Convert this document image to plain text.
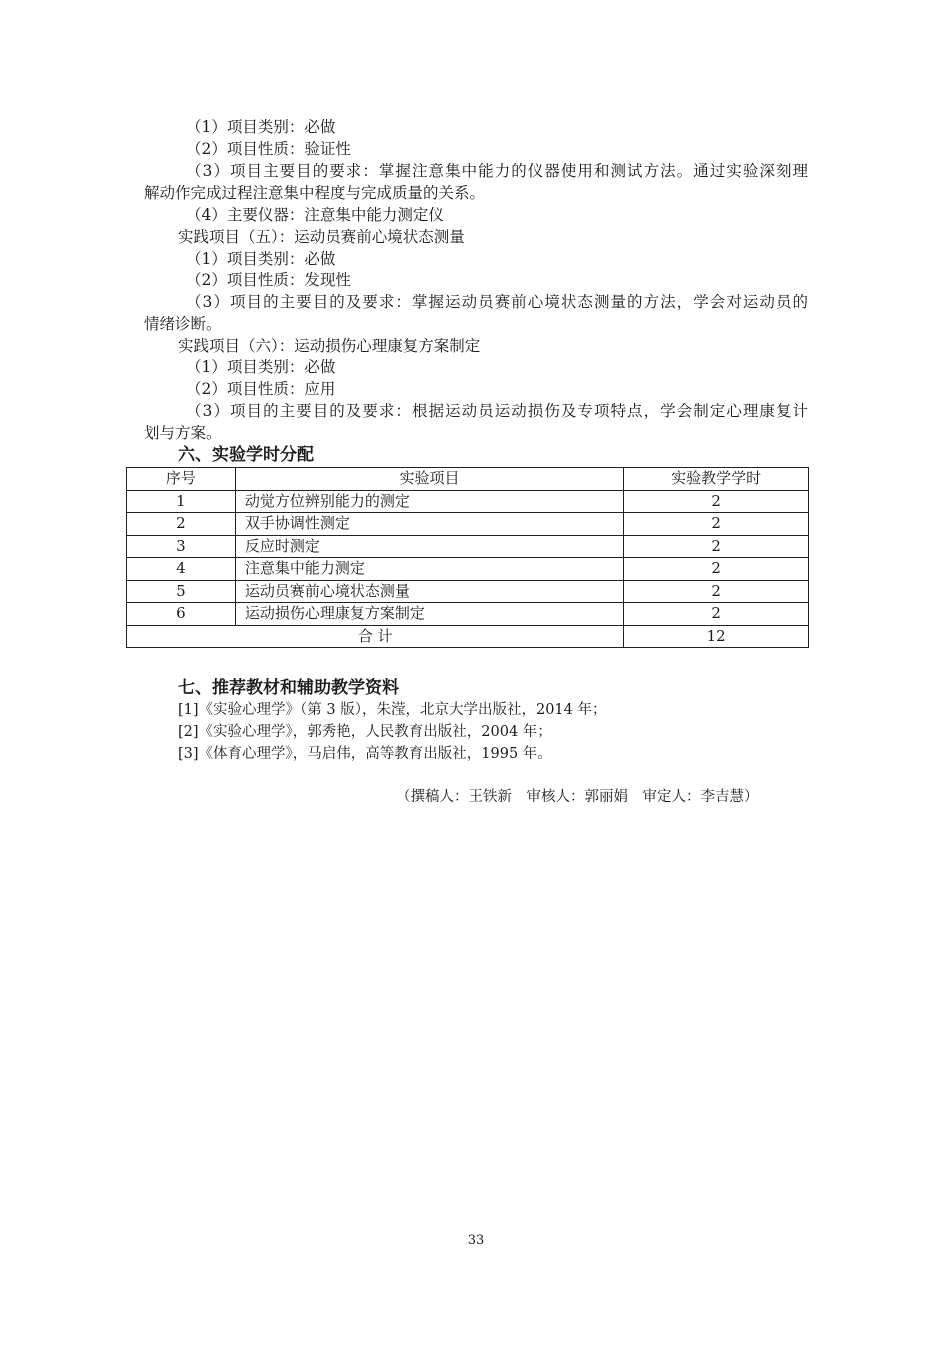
（1）项目类别：必做
（2）项目性质：验证性
（3）项目主要目的要求：掌握注意集中能力的仪器使用和测试方法。通过实验深刻理
解动作完成过程注意集中程度与完成质量的关系。
（4）主要仪器：注意集中能力测定仪
实践项目（五）：运动员赛前心境状态测量
（1）项目类别：必做
（2）项目性质：发现性
（3）项目的主要目的及要求：掌握运动员赛前心境状态测量的方法，学会对运动员的
情绪诊断。
实践项目（六）：运动损伤心理康复方案制定
（1）项目类别：必做
（2）项目性质：应用
（3）项目的主要目的及要求：根据运动员运动损伤及专项特点，学会制定心理康复计
划与方案。
六、实验学时分配
序号	实验项目	实验教学学时
1	动觉方位辨别能力的测定	2
2	双手协调性测定	2
3	反应时测定	2
4	注意集中能力测定	2
5	运动员赛前心境状态测量	2
6	运动损伤心理康复方案制定	2
合 计		12
七、推荐教材和辅助教学资料
[1]《实验心理学》（第 3 版），朱滢，北京大学出版社，2014 年；
[2]《实验心理学》，郭秀艳，人民教育出版社，2004 年；
[3]《体育心理学》，马启伟，高等教育出版社，1995 年。
（撰稿人：王铁新　审核人：郭丽娟　审定人：李吉慧）
33
